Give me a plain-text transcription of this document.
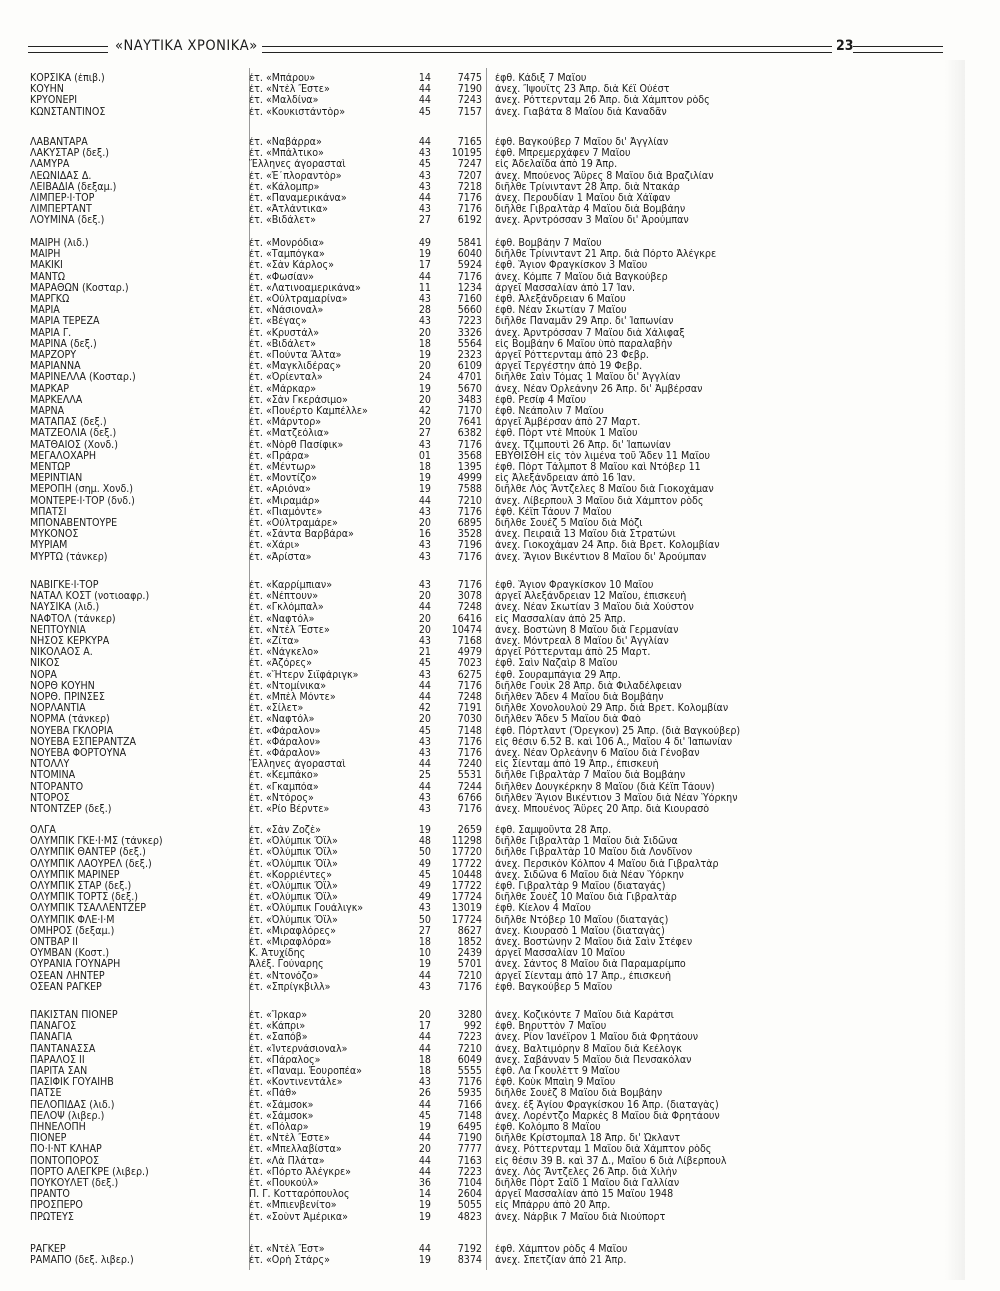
«ΝΑΥΤΙΚΑ ΧΡΟΝΙΚΑ»	23
ΚΟΡΣΙΚΑ (ἐπιβ.)	ἐτ. «Μπάρου»	14	7475 ἐφθ. Κάδιξ 7 Μαΐου
ΚΟΥΗΝ	ἐτ. «Ντὲλ Ἔστε»	44	7190 ἀνεχ. Ἴψουϊτς 23 Ἀπρ. διὰ Κέϊ Οὐέστ
ΚΡΥΟΝΕΡΙ	ἐτ. «Μαλδίνα»	44	7243 ἀνεχ. Ρόττερνταμ 26 Ἀπρ. διὰ Χάμπτον ρὸδς
ΚΩΝΣΤΑΝΤΙΝΟΣ	ἐτ. «Κουκιστάντὸρ»	45	7157 ἀνεχ. Γιαβάτα 8 Μαΐου διὰ Καναδᾶν
ΛΑΒΑΝΤΑΡΑ	ἐτ. «Ναβάρρα»	44	7165 ἐφθ. Βαγκούβερ 7 Μαΐου δι' Ἀγγλίαν
ΛΑΚΥΣΤΑΡ (δεξ.)	ἐτ. «Μπάλτικο»	43	10195 ἐφθ. Μπρεμερχάφεν 7 Μαΐου
ΛΑΜΥΡΑ	Ἕλληνες ἀγορασταὶ	45	7247 εἰς Ἀδελαΐδα ἀπὸ 19 Ἀπρ.
ΛΕΩΝΙΔΑΣ Δ.	ἐτ. «Ἐ᾽πλοραντὸρ»	43	7207 ἀνεχ. Μπούενος Ἄϋρες 8 Μαΐου διὰ Βραζιλίαν
ΛΕΙΒΑΔΙΑ (δεξαμ.)	ἐτ. «Κάλομπρ»	43	7218 διῆλθε Τρίνινταντ 28 Ἀπρ. διὰ Ντακάρ
ΛΙΜΠΕΡ·Ι·ΤΟΡ	ἐτ. «Παναμερικάνα»	44	7176 ἀνεχ. Περουδίαν 1 Μαΐου διὰ Χάϊφαν
ΛΙΜΠΕΡΤΑΝΤ	ἐτ. «Ἀτλάντικα»	43	7176 διῆλθε Γιβραλτὰρ 4 Μαΐου διὰ Βομβάην
ΛΟΥΜΙΝΑ (δεξ.)	ἐτ. «Βιδάλετ»	27	6192 ἀνεχ. Ἀρντρόσσαν 3 Μαΐου δι' Ἀρούμπαν
ΜΑΙΡΗ (λιδ.)	ἐτ. «Μονρόδια»	49	5841 ἐφθ. Βομβάην 7 Μαΐου
ΜΑΙΡΗ	ἐτ. «Ταμπόγκα»	19	6040 διῆλθε Τρίνινταντ 21 Ἀπρ. διὰ Πόρτο Ἀλέγκρε
ΜΑΚΙΚΙ	ἐτ. «Σὰν Κάρλος»	17	5924 ἐφθ. Ἅγιον Φραγκίσκον 3 Μαΐου
ΜΑΝΤΩ	ἐτ. «Φωσίαν»	44	7176 ἀνεχ. Κόμπε 7 Μαΐου διὰ Βαγκούβερ
ΜΑΡΑΘΩΝ (Κοσταρ.)	ἐτ. «Λατινοαμερικάνα»	11	1234 ἀργεῖ Μασσαλίαν ἀπὸ 17 Ἰαν.
ΜΑΡΓΚΩ	ἐτ. «Οὐλτραμαρίνα»	43	7160 ἐφθ. Ἀλεξάνδρειαν 6 Μαΐου
ΜΑΡΙΑ	ἐτ. «Νάσιοναλ»	28	5660 ἐφθ. Νέαν Σκωτίαν 7 Μαΐου
ΜΑΡΙΑ ΤΕΡΕΖΑ	ἐτ. «Βέγας»	43	7223 διῆλθε Παναμᾶν 29 Ἀπρ. δι' Ἰαπωνίαν
ΜΑΡΙΑ Γ.	ἐτ. «Κρυστάλ»	20	3326 ἀνεχ. Ἀρντρόσσαν 7 Μαΐου διὰ Χάλιφαξ
ΜΑΡΙΝΑ (δεξ.)	ἐτ. «Βιδάλετ»	18	5564 εἰς Βομβάην 6 Μαΐου ὑπὸ παραλαβὴν
ΜΑΡΖΟΡΥ	ἐτ. «Πούντα Ἄλτα»	19	2323 ἀργεῖ Ρόττερνταμ ἀπὸ 23 Φεβρ.
ΜΑΡΙΑΝΝΑ	ἐτ. «Μαγκλιδέρας»	20	6109 ἀργεῖ Τεργέστην ἀπὸ 19 Φεβρ.
ΜΑΡΙΝΕΛΛΑ (Κοσταρ.)	ἐτ. «Ὀρίενταλ»	24	4701 διῆλθε Σαὶν Τόμας 1 Μαΐου δι' Ἀγγλίαν
ΜΑΡΚΑΡ	ἐτ. «Μάρκαρ»	19	5670 ἀνεχ. Νέαν Ὀρλεάνην 26 Ἀπρ. δι' Ἀμβέρσαν
ΜΑΡΚΕΛΛΑ	ἐτ. «Σὰν Γκεράσιμο»	20	3483 ἐφθ. Ρεσίφ 4 Μαΐου
ΜΑΡΝΑ	ἐτ. «Πουέρτο Καμπέλλε»	42	7170 ἐφθ. Νεάπολιν 7 Μαΐου
ΜΑΤΑΠΑΣ (δεξ.)	ἐτ. «Μάρντορ»	20	7641 ἀργεῖ Ἀμβέρσαν ἀπὸ 27 Μαρτ.
ΜΑΤΖΕΟΛΙΑ (δεξ.)	ἐτ. «Ματζεόλια»	27	6382 ἐφθ. Πὸρτ ντὲ Μποὺκ 1 Μαΐου
ΜΑΤΘΑΙΟΣ (Χονδ.)	ἐτ. «Νὸρθ Πασίφικ»	43	7176 ἀνεχ. Τζιμπουτὶ 26 Ἀπρ. δι' Ἰαπωνίαν
ΜΕΓΑΛΟΧΑΡΗ	ἐτ. «Πράρα»	01	3568 ΕΒΥΘΙΣΘΗ εἰς τὸν λιμένα τοῦ Ἄδεν 11 Μαΐου
ΜΕΝΤΩΡ	ἐτ. «Μέντωρ»	18	1395 ἐφθ. Πὸρτ Τάλμποτ 8 Μαΐου καὶ Ντόβερ 11
ΜΕΡΙΝΤΙΑΝ	ἐτ. «Μοντίζο»	19	4999 εἰς Ἀλεξάνδρειαν ἀπὸ 16 Ἰαν.
ΜΕΡΟΠΗ (σημ. Χονδ.)	ἐτ. «Αριόνα»	19	7588 διῆλθε Λὸς Ἄντζελες 8 Μαΐου διὰ Γιοκοχάμαν
ΜΟΝΤΕΡΕ·Ι·ΤΟΡ (δνδ.)	ἐτ. «Μιραμάρ»	44	7210 ἀνεχ. Λίβερπουλ 3 Μαΐου διὰ Χάμπτον ρὸδς
ΜΠΑΤΣΙ	ἐτ. «Πιαμόντε»	43	7176 ἐφθ. Κέϊπ Τάουν 7 Μαΐου
ΜΠΟΝΑΒΕΝΤΟΥΡΕ	ἐτ. «Οὐλτραμάρε»	20	6895 διῆλθε Σουέζ 5 Μαΐου διὰ Μόζι
ΜΥΚΟΝΟΣ	ἐτ. «Σάντα Βαρβάρα»	16	3528 ἀνεχ. Πειραιᾶ 13 Μαΐου διὰ Στρατώνι
ΜΥΡΙΑΜ	ἐτ. «Χάρι»	43	7196 ἀνεχ. Γιοκοχάμαν 24 Ἀπρ. διὰ Βρετ. Κολομβίαν
ΜΥΡΤΩ (τάνκερ)	ἐτ. «Ἀρίστα»	43	7176 ἀνεχ. Ἅγιον Βικέντιον 8 Μαΐου δι' Ἀρούμπαν
ΝΑΒΙΓΚΕ·Ι·ΤΟΡ	ἐτ. «Καρρίμπιαν»	43	7176 ἐφθ. Ἅγιον Φραγκίσκον 10 Μαΐου
ΝΑΤΑΛ ΚΟΣΤ (νοτιοαφρ.)	ἐτ. «Νέπτουν»	20	3078 ἀργεῖ Ἀλεξάνδρειαν 12 Μαΐου, ἐπισκευὴ
ΝΑΥΣΙΚΑ (λιδ.)	ἐτ. «Γκλόμπαλ»	44	7248 ἀνεχ. Νέαν Σκωτίαν 3 Μαΐου διὰ Χούστον
ΝΑΦΤΟΛ (τάνκερ)	ἐτ. «Ναφτόλ»	20	6416 εἰς Μασσαλίαν ἀπὸ 25 Ἀπρ.
ΝΕΠΤΟΥΝΙΑ	ἐτ. «Ντὲλ Ἔστε»	20	10474 ἀνεχ. Βοστώνη 8 Μαΐου διὰ Γερμανίαν
ΝΗΣΟΣ ΚΕΡΚΥΡΑ	ἐτ. «Ζίτα»	43	7168 ἀνεχ. Μόντρεαλ 8 Μαΐου δι' Ἀγγλίαν
ΝΙΚΟΛΑΟΣ Α.	ἐτ. «Νάγκελο»	21	4979 ἀργεῖ Ρόττερνταμ ἀπὸ 25 Μαρτ.
ΝΙΚΟΣ	ἐτ. «Ἀζόρες»	45	7023 ἐφθ. Σαὶν Ναζαὶρ 8 Μαΐου
ΝΟΡΑ	ἐτ. «Ἥτερν Σιϊφάριγκ»	43	6275 ἐφθ. Σουραμπάγια 29 Ἀπρ.
ΝΟΡΘ ΚΟΥΗΝ	ἐτ. «Ντομίνικα»	44	7176 διῆλθε Γουὶκ 28 Ἀπρ. διὰ Φιλαδέλφειαν
ΝΟΡΘ. ΠΡΙΝΣΕΣ	ἐτ. «Μπὲλ Μόντε»	44	7248 διῆλθεν Ἄδεν 4 Μαΐου διὰ Βομβάην
ΝΟΡΛΑΝΤΙΑ	ἐτ. «Σίλετ»	42	7191 διῆλθε Χονολουλοὺ 29 Ἀπρ. διὰ Βρετ. Κολομβίαν
ΝΟΡΜΑ (τάνκερ)	ἐτ. «Ναφτόλ»	20	7030 διῆλθεν Ἄδεν 5 Μαΐου διὰ Φαὸ
ΝΟΥΕΒΑ ΓΚΛΟΡΙΑ	ἐτ. «Φάραλον»	45	7148 ἐφθ. Πόρτλαντ (Ὄρεγκον) 25 Ἀπρ. (διὰ Βαγκούβερ)
ΝΟΥΕΒΑ ΕΣΠΕΡΑΝΤΖΑ	ἐτ. «Φάραλον»	43	7176 εἰς θέσιν 6.52 Β. καὶ 106 Α., Μαΐου 4 δι' Ἰαπωνίαν
ΝΟΥΕΒΑ ΦΟΡΤΟΥΝΑ	ἐτ. «Φάραλον»	43	7176 ἀνεχ. Νέαν Ὀρλεάνην 6 Μαΐου διὰ Γένοβαν
ΝΤΟΛΛΥ	Ἕλληνες ἀγορασταὶ	44	7240 εἰς Σίενταμ ἀπὸ 19 Ἀπρ., ἐπισκευὴ
ΝΤΟΜΙΝΑ	ἐτ. «Κεμπάκο»	25	5531 διῆλθε Γιβραλτὰρ 7 Μαΐου διὰ Βομβάην
ΝΤΟΡΑΝΤΟ	ἐτ. «Γκαμπόα»	44	7244 διῆλθεν Δουγκέρκην 8 Μαΐου (διὰ Κέϊπ Τάουν)
ΝΤΟΡΟΣ	ἐτ. «Ντόρος»	43	6766 διῆλθεν Ἅγιον Βικέντιον 3 Μαΐου διὰ Νέαν Ὑόρκην
ΝΤΟΝΤΖΕΡ (δεξ.)	ἐτ. «Ρίο Βέρντε»	43	7176 ἀνεχ. Μπουένος Ἄϋρες 20 Ἀπρ. διὰ Κιουρασὸ
ΟΛΓΑ	ἐτ. «Σὰν Ζοζὲ»	19	2659 ἐφθ. Σαμψοῦντα 28 Ἀπρ.
ΟΛΥΜΠΙΚ ΓΚΕ·Ι·ΜΣ (τάνκερ)	ἐτ. «Ὀλύμπικ Ὄϊλ»	48	11298 διῆλθε Γιβραλτὰρ 1 Μαΐου διὰ Σιδῶνα
ΟΛΥΜΠΙΚ ΘΑΝΤΕΡ (δεξ.)	ἐτ. «Ὀλύμπικ Ὄϊλ»	50	17720 διῆλθε Γιβραλτὰρ 10 Μαΐου διὰ Λονδῖνον
ΟΛΥΜΠΙΚ ΛΑΟΥΡΕΛ (δεξ.)	ἐτ. «Ὀλύμπικ Ὄϊλ»	49	17722 ἀνεχ. Περσικὸν Κόλπον 4 Μαΐου διὰ Γιβραλτὰρ
ΟΛΥΜΠΙΚ ΜΑΡΙΝΕΡ	ἐτ. «Κορριέντες»	45	10448 ἀνεχ. Σιδῶνα 6 Μαΐου διὰ Νέαν Ὑόρκην
ΟΛΥΜΠΙΚ ΣΤΑΡ (δεξ.)	ἐτ. «Ὀλύμπικ Ὄϊλ»	49	17722 ἐφθ. Γιβραλτὰρ 9 Μαΐου (διαταγάς)
ΟΛΥΜΠΙΚ ΤΟΡΤΣ (δεξ.)	ἐτ. «Ὀλύμπικ Ὄϊλ»	49	17724 διῆλθε Σουὲζ 10 Μαΐου διὰ Γιβραλτὰρ
ΟΛΥΜΠΙΚ ΤΣΑΛΛΕΝΤΖΕΡ	ἐτ. «Ὀλύμπικ Γουάλιγκ»	43	13019 ἐφθ. Κίελον 4 Μαΐου
ΟΛΥΜΠΙΚ ΦΛΕ·Ι·Μ	ἐτ. «Ὀλύμπικ Ὄϊλ»	50	17724 διῆλθε Ντόβερ 10 Μαΐου (διαταγάς)
ΟΜΗΡΟΣ (δεξαμ.)	ἐτ. «Μιραφλόρες»	27	8627 ἀνεχ. Κιουρασὸ 1 Μαΐου (διαταγὰς)
ΟΝΤΒΑΡ ΙΙ	ἐτ. «Μιραφλόρα»	18	1852 ἀνεχ. Βοστώνην 2 Μαΐου διὰ Σαὶν Στέφεν
ΟΥΜΒΑΝ (Κοστ.)	Κ. Ἀτυχίδης	10	2439 ἀργεῖ Μασσαλίαν 10 Μαΐου
ΟΥΡΑΝΙΑ ΓΟΥΝΑΡΗ	Ἀλέξ. Γούναρης	19	5701 ἀνεχ. Σάντος 8 Μαΐου διὰ Παραμαρίμπο
ΟΣΕΑΝ ΛΗΝΤΕΡ	ἐτ. «Ντονόζο»	44	7210 ἀργεῖ Σίενταμ ἀπὸ 17 Ἀπρ., ἐπισκευὴ
ΟΣΕΑΝ ΡΑΓΚΕΡ	ἐτ. «Σπρίγκβιλλ»	43	7176 ἐφθ. Βαγκούβερ 5 Μαΐου
ΠΑΚΙΣΤΑΝ ΠΙΟΝΕΡ	ἐτ. «Ἴρκαρ»	20	3280 ἀνεχ. Κοζικόντε 7 Μαΐου διὰ Καράτσι
ΠΑΝΑΓΟΣ	ἐτ. «Κάπρι»	17	992 ἐφθ. Βηρυττὸν 7 Μαΐου
ΠΑΝΑΓΙΑ	ἐτ. «Σαπόβ»	44	7223 ἀνεχ. Ρίον Ἰανέϊρον 1 Μαΐου διὰ Φρητάουν
ΠΑΝΤΑΝΑΣΣΑ	ἐτ. «Ἰντερνάσιοναλ»	44	7210 ἀνεχ. Βαλτιμόρην 8 Μαΐου διὰ Κεέλογκ
ΠΑΡΑΛΟΣ ΙΙ	ἐτ. «Πάραλος»	18	6049 ἀνεχ. Σαβάνναν 5 Μαΐου διὰ Πενσακόλαν
ΠΑΡΙΤΑ ΣΑΝ	ἐτ. «Παναμ. Ἐουροπέα»	18	5555 ἐφθ. Λα Γκουλὲττ 9 Μαΐου
ΠΑΣΙΦΙΚ ΓΟΥΑΙΗΒ	ἐτ. «Κοντινεντάλε»	43	7176 ἐφθ. Κοὺκ Μπαὶη 9 Μαΐου
ΠΑΤΣΕ	ἐτ. «Πάθ»	26	5935 διῆλθε Σουὲζ 8 Μαΐου διὰ Βομβάην
ΠΕΛΟΠΙΔΑΣ (λιδ.)	ἐτ. «Σάμσοκ»	44	7166 ἀνεχ. ἐξ Ἁγίου Φραγκίσκου 16 Ἀπρ. (διαταγὰς)
ΠΕΛΟΨ (λιβερ.)	ἐτ. «Σάμσοκ»	45	7148 ἀνεχ. Λορέντζο Μαρκὲς 8 Μαΐου διὰ Φρητάουν
ΠΗΝΕΛΟΠΗ	ἐτ. «Πόλαρ»	19	6495 ἐφθ. Κολόμπο 8 Μαΐου
ΠΙΟΝΕΡ	ἐτ. «Ντὲλ Ἔστε»	44	7190 διῆλθε Κρίστομπαλ 18 Ἀπρ. δι' Ὠκλαντ
ΠΟ·Ι·ΝΤ ΚΛΗΑΡ	ἐτ. «Μπελλαβίστα»	20	7777 ἀνεχ. Ρόττερνταμ 1 Μαΐου διὰ Χάμπτον ρὸδς
ΠΟΝΤΟΠΟΡΟΣ	ἐτ. «Λὰ Πλάτα»	44	7163 εἰς θέσιν 39 Β. καὶ 37 Δ., Μαΐου 6 διὰ Λίβερπουλ
ΠΟΡΤΟ ΑΛΕΓΚΡΕ (λιβερ.)	ἐτ. «Πόρτο Ἀλέγκρε»	44	7223 ἀνεχ. Λὸς Ἄντζελες 26 Ἀπρ. διὰ Χιλὴν
ΠΟΥΚΟΥΛΕΤ (δεξ.)	ἐτ. «Πουκούλ»	36	7104 διῆλθε Πὸρτ Σαΐδ 1 Μαΐου διὰ Γαλλίαν
ΠΡΑΝΤΟ	Π. Γ. Κοτταρόπουλος	14	2604 ἀργεῖ Μασσαλίαν ἀπὸ 15 Μαΐου 1948
ΠΡΟΣΠΕΡΟ	ἐτ. «Μπιενβενίτο»	19	5055 εἰς Μπάρρυ ἀπὸ 20 Ἀπρ.
ΠΡΩΤΕΥΣ	ἐτ. «Σοὺντ Ἀμέρικα»	19	4823 ἀνεχ. Νάρβικ 7 Μαΐου διὰ Νιούπορτ
ΡΑΓΚΕΡ	ἐτ. «Ντὲλ Ἔστ»	44	7192 ἐφθ. Χάμπτον ρὸδς 4 Μαΐου
ΡΑΜΑΠΟ (δεξ. λιβερ.)	ἐτ. «Ορὴ Στάρς»	19	8374 ἀνεχ. Σπετζίαν ἀπὸ 21 Ἀπρ.
